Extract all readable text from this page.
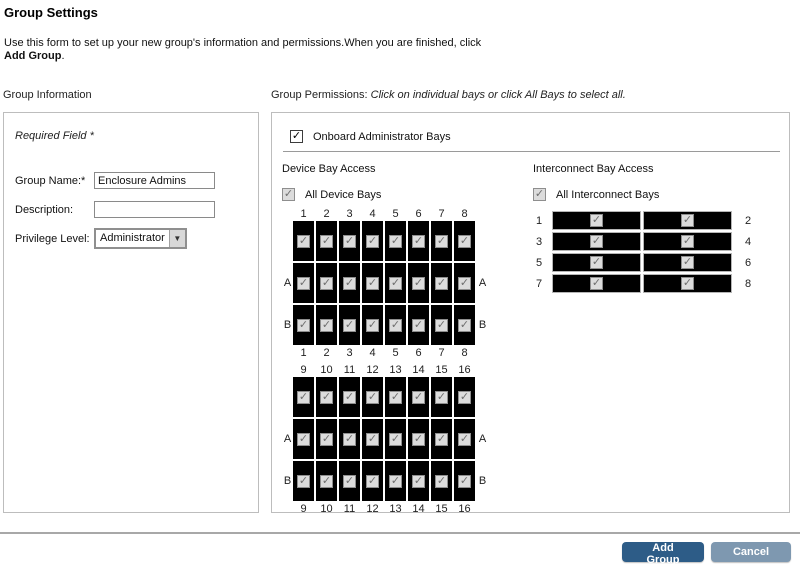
Group Settings
Use this form to set up your new group's information and permissions.When you are finished, click Add Group.
Group Information	Group Permissions: Click on individual bays or click All Bays to select all.
Required Field *
Group Name:*
Enclosure Admins
Description:
Privilege Level: Administrator	▼
✓ Onboard Administrator Bays
Device Bay Access
✓ All Device Bays
1	2	3	4	5	6	7	8
✓ ✓ ✓ ✓ ✓ ✓ ✓ ✓
A ✓ ✓ ✓ ✓ ✓ ✓ ✓ ✓ A
B ✓ ✓ ✓ ✓ ✓ ✓ ✓ ✓ B
1	2	3	4	5	6	7	8
9	10	11	12 13 14 15 16
✓ ✓ ✓ ✓ ✓ ✓ ✓ ✓
A ✓ ✓ ✓ ✓ ✓ ✓ ✓ ✓ A
B ✓ ✓ ✓ ✓ ✓ ✓ ✓ ✓ B
9	10	11	12 13 14 15 16
Interconnect Bay Access
✓ All Interconnect Bays
1	✓	✓	2
3	✓	✓	4
5	✓	✓	6
7	✓	✓	8
Add Group
Cancel
